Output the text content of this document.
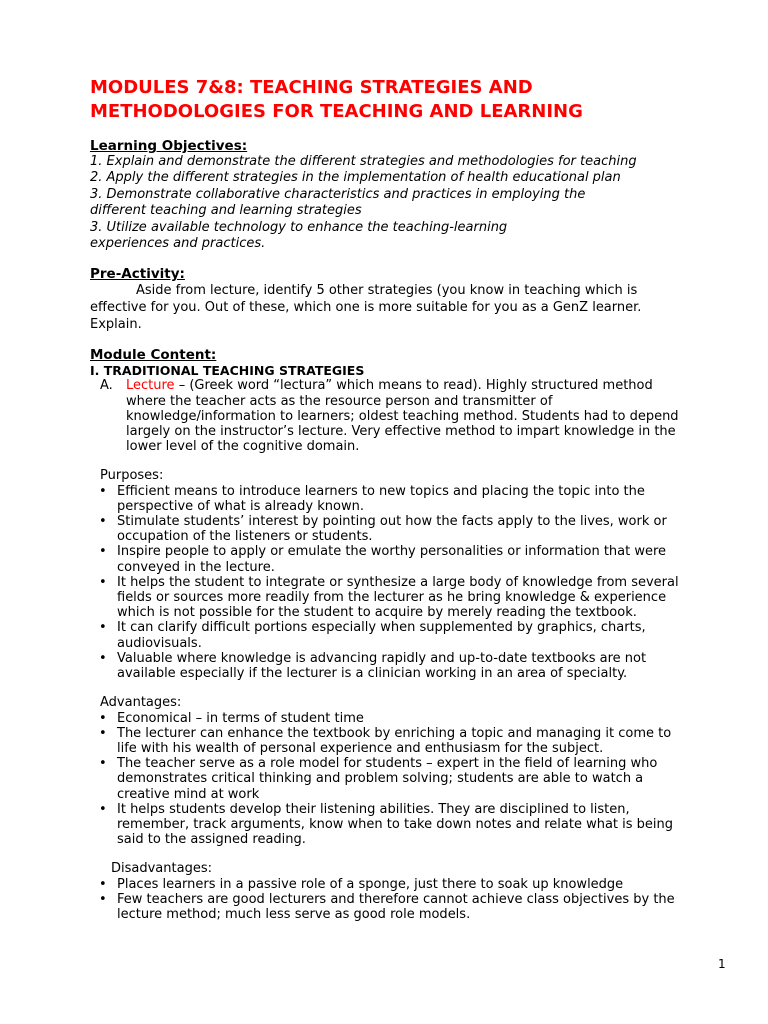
MODULES 7&8: TEACHING STRATEGIES AND
METHODOLOGIES FOR TEACHING AND LEARNING

Learning Objectives:

1. Explain and demonstrate the different strategies and methodologies for teaching

2. Apply the different strategies in the implementation of health educational plan

3. Demonstrate collaborative characteristics and practices in employing the

different teaching and learning strategies

3. Utilize available technology to enhance the teaching-learning

experiences and practices.

Pre-Activity:

Aside from lecture, identify 5 other strategies (you know in teaching which is

effective for you. Out of these, which one is more suitable for you as a GenZ learner.

Explain.

Module Content:

I. TRADITIONAL TEACHING STRATEGIES

A. Lecture – (Greek word “lectura” which means to read). Highly structured method
where the teacher acts as the resource person and transmitter of
knowledge/information to learners; oldest teaching method. Students had to depend
largely on the instructor’s lecture. Very effective method to impart knowledge in the
lower level of the cognitive domain.

Purposes:

• Efficient means to introduce learners to new topics and placing the topic into the
perspective of what is already known.
• Stimulate students’ interest by pointing out how the facts apply to the lives, work or
occupation of the listeners or students.
• Inspire people to apply or emulate the worthy personalities or information that were
conveyed in the lecture.
• It helps the student to integrate or synthesize a large body of knowledge from several
fields or sources more readily from the lecturer as he bring knowledge & experience
which is not possible for the student to acquire by merely reading the textbook.
• It can clarify difficult portions especially when supplemented by graphics, charts,
audiovisuals.
• Valuable where knowledge is advancing rapidly and up-to-date textbooks are not
available especially if the lecturer is a clinician working in an area of specialty.

Advantages:

• Economical – in terms of student time
• The lecturer can enhance the textbook by enriching a topic and managing it come to
life with his wealth of personal experience and enthusiasm for the subject.
• The teacher serve as a role model for students – expert in the field of learning who
demonstrates critical thinking and problem solving; students are able to watch a
creative mind at work
• It helps students develop their listening abilities. They are disciplined to listen,
remember, track arguments, know when to take down notes and relate what is being
said to the assigned reading.

Disadvantages:

• Places learners in a passive role of a sponge, just there to soak up knowledge
• Few teachers are good lecturers and therefore cannot achieve class objectives by the
lecture method; much less serve as good role models.
1
